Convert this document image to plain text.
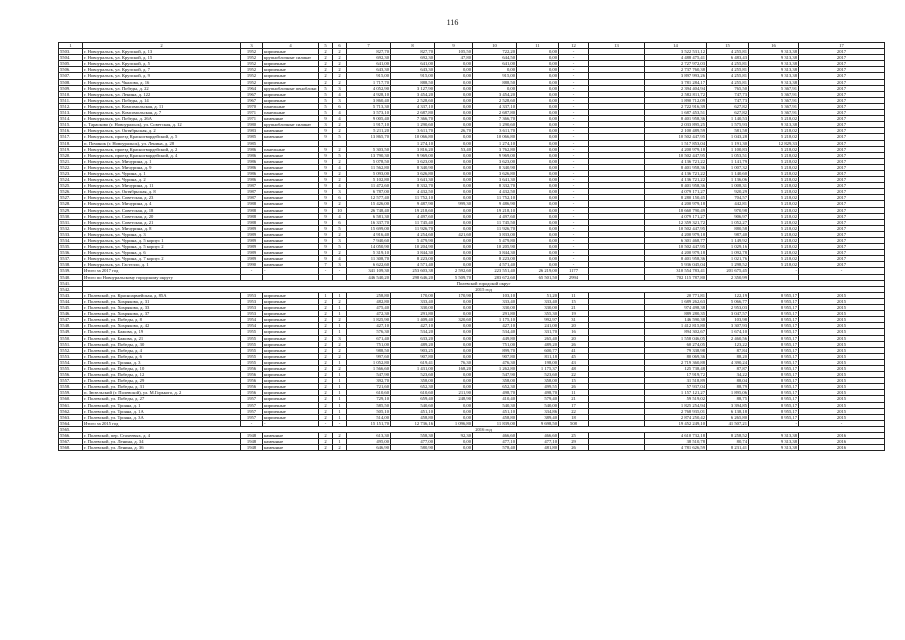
116
1	2	3	4	5	6	7	8	9	10	11	12	13	14	15	16	17
5503.	г. Новоуральск, ул. Крупской, д. 13	1952	кирпичные	2	2	827,70	827,70	105,50	722,20	0,00	-		3 522 531,12	4 255,81	9 313,38	2017
5504.	г. Новоуральск, ул. Крупской, д. 15	1952	крупноблочные силикат	2	2	692,30	692,30	47,80	644,50	0,00	-		4 488 475,41	6 483,43	9 313,38	2017
5505.	г. Новоуральск, ул. Крупской, д. 5	1952	кирпичные	2	2	641,00	641,00	0,00	641,00	0,00	-		2 727 972,03	4 255,81	9 313,38	2017
5506.	г. Новоуральск, ул. Крупской, д. 7	1952	кирпичные	2	2	643,30	643,30	0,00	0,00	0,00	-		2 737 760,38	4 255,81	9 313,38	2017
5507.	г. Новоуральск, ул. Крупской, д. 9	1952	кирпичные	2	2	915,00	915,00	0,00	915,00	0,00	-		3 897 993,26	4 255,81	9 313,38	2017
5508.	г. Новоуральск, ул. Чкалова, д. 16	1952	кирпичные	2	2	1 717,70	888,50	0,00	888,50	0,00	-		3 781 284,17	4 255,81	9 313,38	2017
5509.	г. Новоуральск, ул. Победы, д. 22	1964	крупноблочные пеноблоки	5	3	4 052,90	3 127,90	0,00	0,00	0,00	-		2 394 404,94	765,50	5 367,91	2017
5510.	г. Новоуральск, ул. Ленина, д. 122	1967	кирпичные	5	4	4 928,10	3 454,20	0,00	3 454,20	0,00	-		2 582 811,72	747,73	5 367,91	2017
5511.	г. Новоуральск, ул. Победы, д. 14	1967	кирпичные	5	3	3 860,40	2 528,60	0,00	2 528,60	0,00	-		1 890 712,09	747,73	5 367,91	2017
5512.	г. Новоуральск, ул. Комсомольская, д. 11	1970	панельные	5	6	5 713,30	4 337,10	0,00	4 337,10	0,00	-		2 722 916,39	627,82	5 367,91	2017
5513.	г. Новоуральск, ул. Комсомольская, д. 7	1971	панельные	5	4	3 573,10	2 687,80	0,00	2 687,80	0,00	-		1 687 453,51	627,82	5 367,91	2017
5514.	г. Новоуральск, ул. Победы, д. 26А	1971	каменные	9	4	9 005,40	7 366,70	0,00	7 366,70	0,00	-		8 401 958,36	1 140,53	5 218,02	2017
5515.	с. Тарасково (г. Новоуральск), ул. Советская, д. 12	1980	крупноблочные силикат	3	2	1 917,10	1 290,60	0,00	1 290,60	0,00	-		2 033 895,25	1 575,93	9 313,38	2017
5516.	г. Новоуральск, ул. Октябрьская, д. 2	1983	каменные	9	2	5 211,20	3 611,70	26,70	3 611,70	0,00	-		2 100 489,59	581,58	5 218,02	2017
5517.	г. Новоуральск, проезд Красногвардейский, д. 5	1985	каменные	9	5	13 865,70	10 066,80	0,00	10 066,80	0,00	-		10 502 447,95	1 043,28	5 218,02	2017
5518.	п. Починок (г. Новоуральск), ул. Ленина, д. 28	1985					1 274,10	0,00	1 274,10	0,00	-		1 517 853,04	1 191,30	12 829,33	2017
5519.	г. Новоуральск, проезд Красногвардейский, д. 2	1986	панельные	9	2	5 303,50	3 816,20	53,40	3 762,80	0,00	-		4 200 979,18	1 100,83	5 218,02	2017
5520.	г. Новоуральск, проезд Красногвардейский, д. 4	1986	каменные	9	5	13 790,30	9 969,00	0,00	9 969,00	0,00	-		10 502 447,95	1 053,51	5 218,02	2017
5521.	г. Новоуральск, ул. Мичурина, д. 1	1986	каменные	9	2	5 078,50	3 623,00	0,00	3 623,00	0,00	-		4 136 721,22	1 141,79	5 218,02	2017
5522.	г. Новоуральск, ул. Мичурина, д. 9	1986	каменные	9	4	11 562,80	8 340,90	0,00	8 340,90	0,00	-		8 401 958,36	1 007,32	5 218,02	2017
5523.	г. Новоуральск, ул. Чурина, д. 1	1986	каменные	9	2	5 093,00	3 626,80	0,00	3 626,80	0,00	-		4 136 721,22	1 140,60	5 218,02	2017
5524.	г. Новоуральск, ул. Чурина, д. 2	1986	каменные	9	2	5 102,80	3 641,30	0,00	3 641,30	0,00	-		4 136 721,22	1 136,06	5 218,02	2017
5525.	г. Новоуральск, ул. Мичурина, д. 11	1987	каменные	9	4	11 472,60	8 332,70	0,00	8 332,70	0,00	-		8 401 958,36	1 008,31	5 218,02	2017
5526.	г. Новоуральск, ул. Октябрьская, д. 8	1987	каменные	9	3	6 787,00	4 432,50	0,00	4 432,50	0,00	-		4 079 171,27	920,29	5 218,02	2017
5527.	г. Новоуральск, ул. Советская, д. 23	1987	каменные	9	6	12 577,40	11 752,10	0,00	11 752,10	0,00	-		8 280 150,45	704,57	5 218,02	2017
5528.	г. Новоуральск, ул. Мичурина, д. 4	1988	каменные	9	2	15 426,00	9 487,90	999,30	9 486,90	0,00	-		4 200 979,18	442,81	5 218,02	2017
5529.	г. Новоуральск, ул. Советская, д. 18	1988	каменные	9	10	26 748,40	19 218,60	0,00	19 218,10	0,00	-		18 660 790,49	970,98	5 218,02	2017
5530.	г. Новоуральск, ул. Советская, д. 20	1988	каменные	9	4	6 581,30	4 497,60	0,00	4 497,60	0,00	-		4 079 171,27	906,97	5 218,02	2017
5531.	г. Новоуральск, ул. Советская, д. 21	1988	каменные	9	6	16 337,70	11 745,40	0,00	11 745,50	0,00	-		12 359 321,72	1 052,27	5 218,02	2017
5532.	г. Новоуральск, ул. Мичурина, д. 8	1989	каменные	9	5	15 699,00	11 926,70	0,00	11 926,70	0,00	-		10 502 447,95	880,58	5 218,02	2017
5533.	г. Новоуральск, ул. Чурина, д. 3	1989	каменные	9	2	4 916,40	4 254,60	421,60	3 833,00	0,00	-		4 200 979,18	987,40	5 218,02	2017
5534.	г. Новоуральск, ул. Чурина, д. 5 корпус 1	1989	каменные	9	3	7 940,60	5 479,90	0,00	5 479,80	0,00	-		6 301 468,77	1 149,92	5 218,02	2017
5535.	г. Новоуральск, ул. Чурина, д. 5 корпус 2	1989	каменные	9	5	14 050,90	10 204,90	0,00	10 205,90	0,00	-		10 502 447,95	1 029,16	5 218,02	2017
5536.	г. Новоуральск, ул. Чурина, д. 6	1989	каменные	9	2	5 319,10	3 844,30	0,00	3 844,30	0,00	-		4 200 979,18	1 092,78	5 218,02	2017
5537.	г. Новоуральск, ул. Чурина, д. 7 корпус 2	1989	каменные	9	4	11 308,70	8 223,00	0,00	8 223,00	0,00	-		8 401 958,36	1 021,76	5 218,02	2017
5538.	г. Новоуральск, ул. Гастелло, д. 1	1990	каменные	7	3	6 622,60	4 571,40	0,00	4 571,40	0,00	-		5 936 045,04	1 298,52	5 218,02	2017
5539.	Итого за 2017 год	-	-	-	-	341 109,30	253 603,38	2 592,60	223 551,40	26 219,00	1177		310 554 783,41	201 675,45	-	-
5540.	Итого по Новоуральскому городскому округу					446 540,20	298 646,20	5 509,70	283 672,60	65 501,50	2994		702 115 787,80	2 350,99		
5541.	Полевской городской округ															
5542.	2015 год															
5543.	г. Полевской, ул. Красноармейская, д. 85А	1953	кирпичные	1	1	258,80	170,00	170,90	103,10	51,20	11		20 771,81	122,19	8 955,17	2015
5544.	г. Полевской, ул. Хохрякова, д. 31	1953	кирпичные	2	2	482,80	333,40	0,00	333,40	333,40	15		1 689 262,63	5 066,77	8 955,17	2015
5545.	г. Полевской, ул. Хохрякова, д. 33	1953	кирпичные	2	1	475,40	330,00	0,00	330,00	330,00	21		974 498,38	2 953,03	8 955,17	2015
5546.	г. Полевской, ул. Хохрякова, д. 37	1953	кирпичные	2	1	472,30	291,80	0,00	291,80	355,30	19		889 280,35	3 047,57	8 955,17	2015
5547.	г. Полевской, ул. Победы, д. 8	1954	кирпичные	2	2	1 825,90	1 409,40	320,60	1 175,10	992,97	31		146 590,38	103,98	8 955,17	2015
5548.	г. Полевской, ул. Хохрякова, д. 42	1954	кирпичные	2	1	427,10	427,10	0,00	427,10	241,00	20		1 412 815,80	3 307,93	8 955,17	2015
5549.	г. Полевской, ул. Бажова, д. 19	1955	кирпичные	2	1	576,30	534,20	0,00	534,40	331,70	16		894 302,67	1 674,10	8 955,17	2015
5550.	г. Полевской, ул. Бажова, д. 21	1955	кирпичные	2	3	671,40	633,20	0,00	449,80	265,40	20		1 558 046,05	2 460,56	8 955,17	2015
5551.	г. Полевской, ул. Победы, д. 30	1955	кирпичные	2	2	751,00	489,20	0,00	751,00	489,20	26		60 274,05	123,22	8 955,17	2015
5552.	г. Полевской, ул. Победы, д. 4	1955	кирпичные	2	2	988,50	903,25	0,00	899,70	600,77	41		79 338,98	87,84	8 955,17	2015
5553.	г. Полевской, ул. Победы, д. 6	1955	кирпичные	2	2	997,60	907,80	0,00	907,80	811,18	45		80 069,36	88,20	8 955,17	2015
5554.	г. Полевской, ул. Трояна, д. 3	1955	кирпичные	2	1	1 052,80	619,41	76,30	476,30	198,00	43		2 719 360,88	4 390,24	8 955,17	2015
5555.	г. Полевской, ул. Победы, д. 10	1956	кирпичные	2	2	1 566,60	1 431,00	168,20	1 262,80	1 175,37	48		125 738,48	87,87	8 955,17	2015
5556.	г. Полевской, ул. Победы, д. 12	1956	кирпичные	2	1	547,90	523,60	0,00	547,90	523,60	22		17 919,72	34,22	8 955,17	2015
5557.	г. Полевской, ул. Победы, д. 29	1956	кирпичные	2	1	392,70	358,00	0,00	358,00	358,00	15		31 518,89	88,04	8 955,17	2015
5558.	г. Полевской, ул. Победы, д. 31	1956	кирпичные	2	1	721,60	652,30	0,00	652,30	499,55	26		57 937,04	88,79	8 955,17	2015
5559.	п. Зюзельский (г. Полевской), ул. М.Горького, д. 2	1956	кирпичные	2	1	610,60	610,60	211,90	498,70	498,70	11		1 157 121,27	1 895,06	8 955,17	2015
5560.	г. Полевской, ул. Победы, д. 27	1957	кирпичные	2	1	729,10	659,40	248,90	410,40	579,40	21		59 519,02	88,75	8 955,17	2015
5561.	г. Полевской, ул. Трояна, д. 1	1957	кирпичные	2	1	585,50	540,60	0,00	540,30	540,00	17		1 825 254,94	3 394,85	8 955,17	2015
5562.	г. Полевской, ул. Трояна, д. 1А	1957	кирпичные	2	1	505,10	451,10	0,00	451,10	334,86	22		2 768 935,01	6 138,18	8 955,17	2015
5563.	г. Полевской, ул. Трояна, д. 3А	1957	кирпичные	2	1	514,00	458,80	0,00	458,80	389,40	18		2 874 250,42	6 265,80	8 955,17	2015
5564.	Итого за 2015 год	-	-	-	-	15 151,70	12 736,16	1 096,80	11 839,00	9 698,50	508		19 452 249,10	41 507,21	-	-
5565.	2016 год															
5566.	г. Полевской, пер. Стахеевых, д. 4	1948	каменные	2	2	613,30	558,30	92,30	466,60	466,60	25		4 610 732,18	8 258,52	9 313,38	2016
5567.	г. Полевской, ул. Ленина, д. 34	1948	каменные	2	1	495,00	477,00	0,00	477,10	477,10	29		38 510,78	80,74	9 313,38	2016
5568.	г. Полевской, ул. Ленина, д. 36	1948	каменные	2	2	646,90	580,90	0,00	578,40	481,80	26		4 781 626,59	8 231,41	9 313,38	2016
